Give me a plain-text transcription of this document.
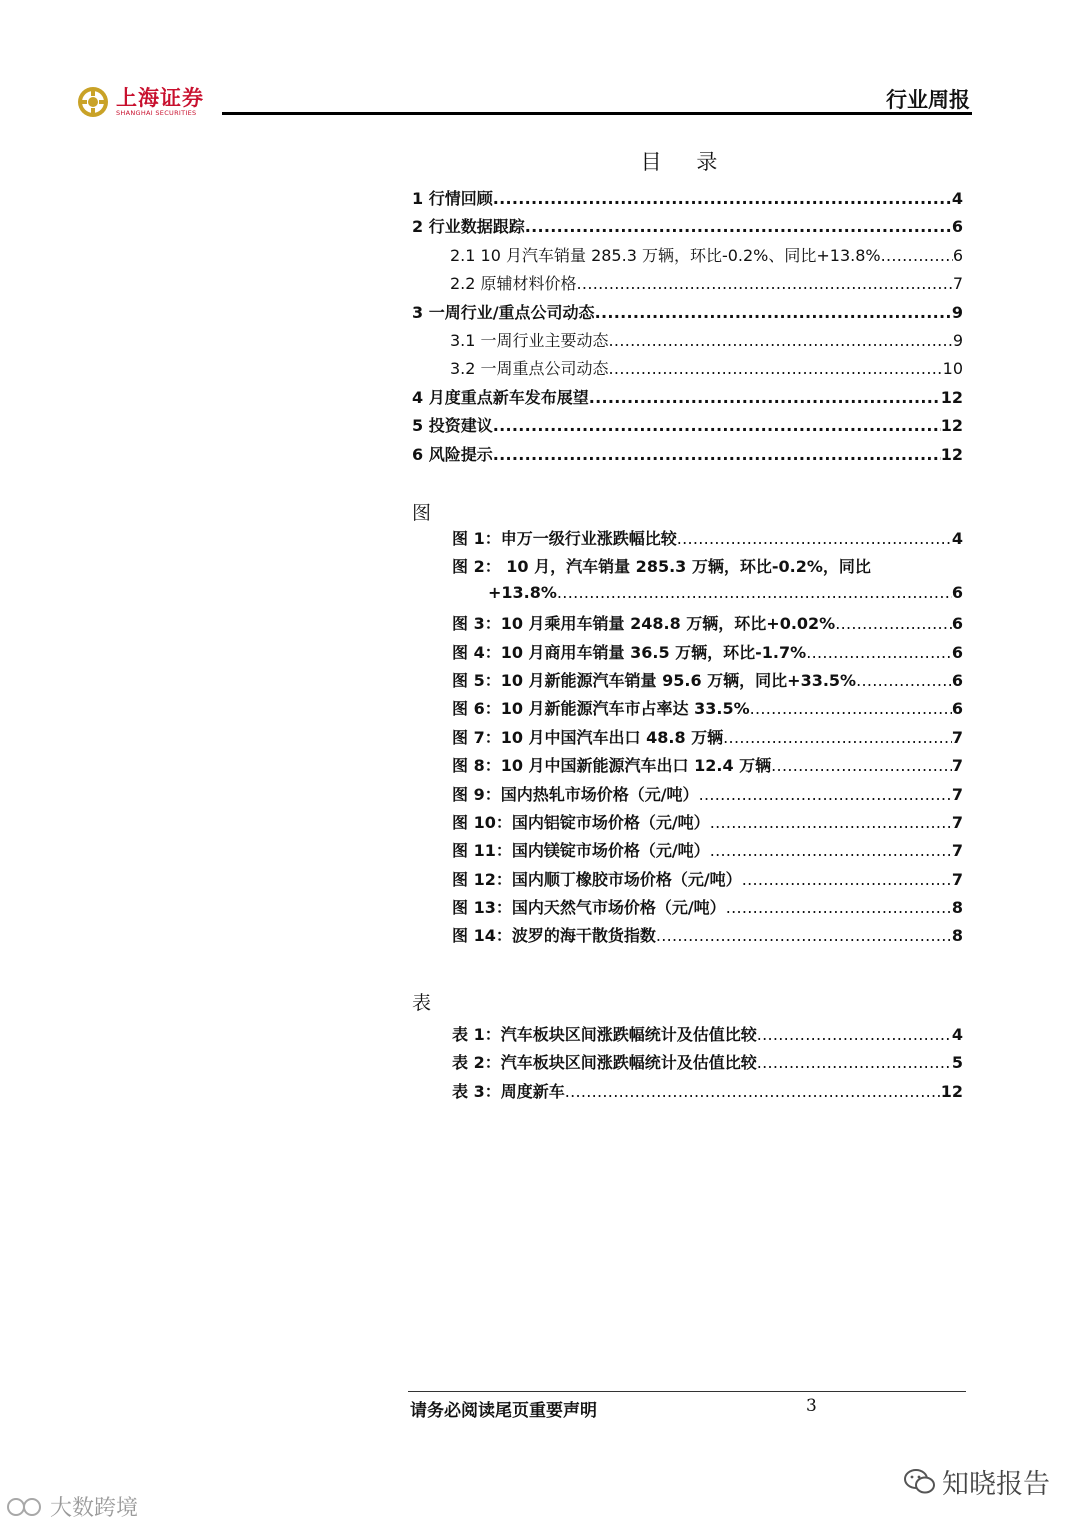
上海证券
SHANGHAI SECURITIES
行业周报
目 录
1 行情回顾 .....	4
2 行业数据跟踪 .....	6
2.1 10 月汽车销量 285.3 万辆，环比-0.2%、同比+13.8% .....	6
2.2 原辅材料价格 .....	7
3 一周行业/重点公司动态 .....	9
3.1 一周行业主要动态 .....	9
3.2 一周重点公司动态 .....	10
4 月度重点新车发布展望 .....	12
5 投资建议 .....	12
6 风险提示 .....	12
图
图 1：申万一级行业涨跌幅比较 .....	4
图 2： 10 月，汽车销量 285.3 万辆，环比-0.2%，同比
+13.8% .....	6
图 3：10 月乘用车销量 248.8 万辆，环比+0.02% .....	6
图 4：10 月商用车销量 36.5 万辆，环比-1.7% .....	6
图 5：10 月新能源汽车销量 95.6 万辆，同比+33.5% .....	6
图 6：10 月新能源汽车市占率达 33.5% .....	6
图 7：10 月中国汽车出口 48.8 万辆 .....	7
图 8：10 月中国新能源汽车出口 12.4 万辆 .....	7
图 9：国内热轧市场价格（元/吨） .....	7
图 10：国内铝锭市场价格（元/吨） .....	7
图 11：国内镁锭市场价格（元/吨） .....	7
图 12：国内顺丁橡胶市场价格（元/吨） .....	7
图 13：国内天然气市场价格（元/吨） .....	8
图 14：波罗的海干散货指数 .....	8
表
表 1：汽车板块区间涨跌幅统计及估值比较 .....	4
表 2：汽车板块区间涨跌幅统计及估值比较 .....	5
表 3：周度新车 .....	12
请务必阅读尾页重要声明	3
知晓报告
大数跨境
